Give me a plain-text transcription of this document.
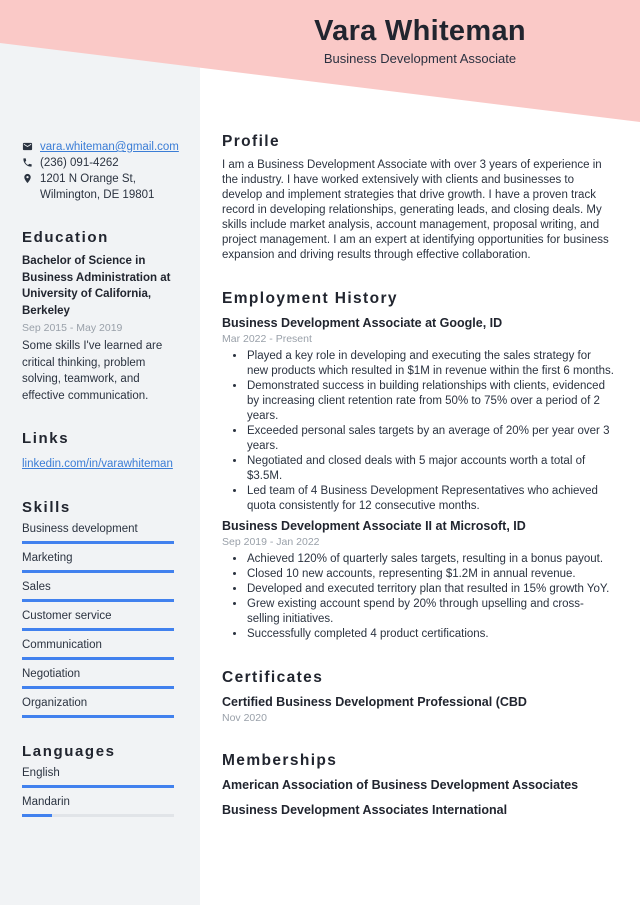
vara.whiteman@gmail.com
(236) 091-4262
1201 N Orange St,
Wilmington, DE 19801
Education
Bachelor of Science in Business Administration at University of California, Berkeley
Sep 2015 - May 2019
Some skills I've learned are critical thinking, problem solving, teamwork, and effective communication.
Links
linkedin.com/in/varawhiteman
Skills
Business development
Marketing
Sales
Customer service
Communication
Negotiation
Organization
Languages
English
Mandarin
Vara Whiteman
Business Development Associate
Profile
I am a Business Development Associate with over 3 years of experience in the industry. I have worked extensively with clients and businesses to develop and implement strategies that drive growth. I have a proven track record in developing relationships, generating leads, and closing deals. My skills include market analysis, account management, proposal writing, and project management. I am an expert at identifying opportunities for business expansion and driving results through effective collaboration.
Employment History
Business Development Associate at Google, ID
Mar 2022 - Present
• Played a key role in developing and executing the sales strategy for new products which resulted in $1M in revenue within the first 6 months.
• Demonstrated success in building relationships with clients, evidenced by increasing client retention rate from 50% to 75% over a period of 2 years.
• Exceeded personal sales targets by an average of 20% per year over 3 years.
• Negotiated and closed deals with 5 major accounts worth a total of $3.5M.
• Led team of 4 Business Development Representatives who achieved quota consistently for 12 consecutive months.
Business Development Associate II at Microsoft, ID
Sep 2019 - Jan 2022
• Achieved 120% of quarterly sales targets, resulting in a bonus payout.
• Closed 10 new accounts, representing $1.2M in annual revenue.
• Developed and executed territory plan that resulted in 15% growth YoY.
• Grew existing account spend by 20% through upselling and cross-selling initiatives.
• Successfully completed 4 product certifications.
Certificates
Certified Business Development Professional (CBD
Nov 2020
Memberships
American Association of Business Development Associates
Business Development Associates International
